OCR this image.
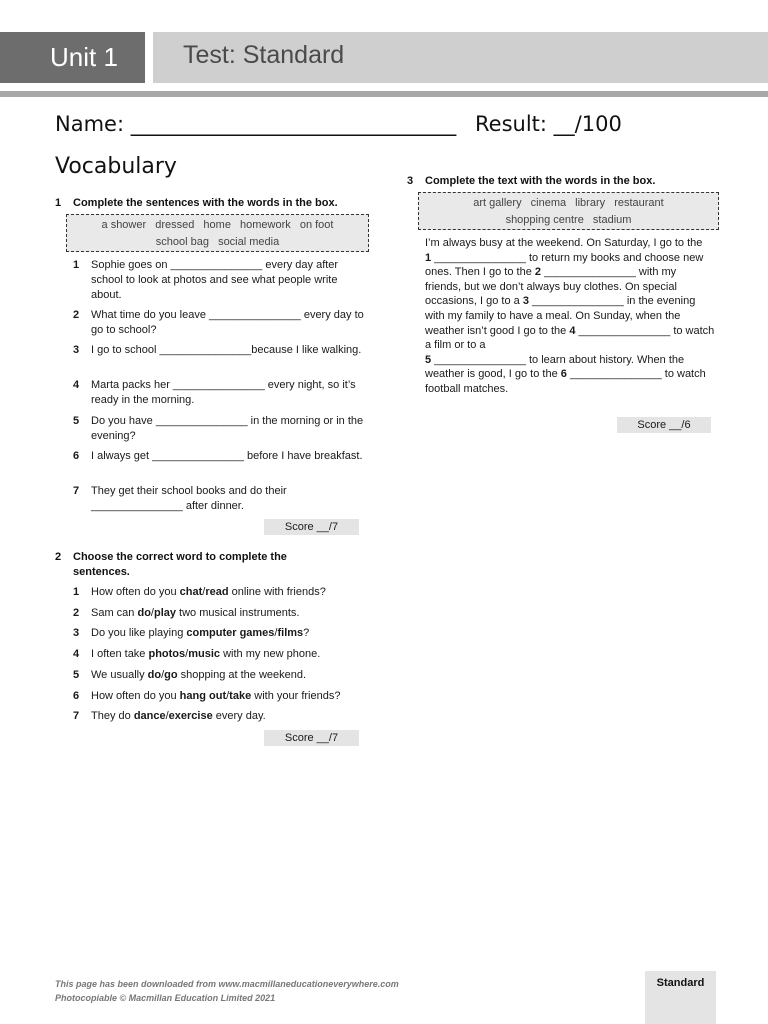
Unit 1	Test: Standard
Name: _______________________________ Result: __/100
Vocabulary
1 Complete the sentences with the words in the box.
a shower dressed home homework on foot
school bag social media
1 Sophie goes on _______________ every day after school to look at photos and see what people write about.
2 What time do you leave _______________ every day to go to school?
3 I go to school _______________because I like walking.
4 Marta packs her _______________ every night, so it’s ready in the morning.
5 Do you have _______________ in the morning or in the evening?
6 I always get _______________ before I have breakfast.
7 They get their school books and do their _______________ after dinner.
Score __/7
2 Choose the correct word to complete the sentences.
1 How often do you chat/read online with friends?
2 Sam can do/play two musical instruments.
3 Do you like playing computer games/films?
4 I often take photos/music with my new phone.
5 We usually do/go shopping at the weekend.
6 How often do you hang out/take with your friends?
7 They do dance/exercise every day.
Score __/7
3 Complete the text with the words in the box.
art gallery cinema library restaurant
shopping centre stadium
I’m always busy at the weekend. On Saturday, I go to the
1 _______________ to return my books and choose new ones. Then I go to the 2 _______________ with my friends, but we don’t always buy clothes. On special occasions, I go to a 3 _______________ in the evening with my family to have a meal. On Sunday, when the weather isn’t good I go to the 4 _______________ to watch a film or to a
5 _______________ to learn about history. When the weather is good, I go to the 6 _______________ to watch football matches.
Score __/6
This page has been downloaded from www.macmillaneducationeverywhere.com
Photocopiable © Macmillan Education Limited 2021
Standard
